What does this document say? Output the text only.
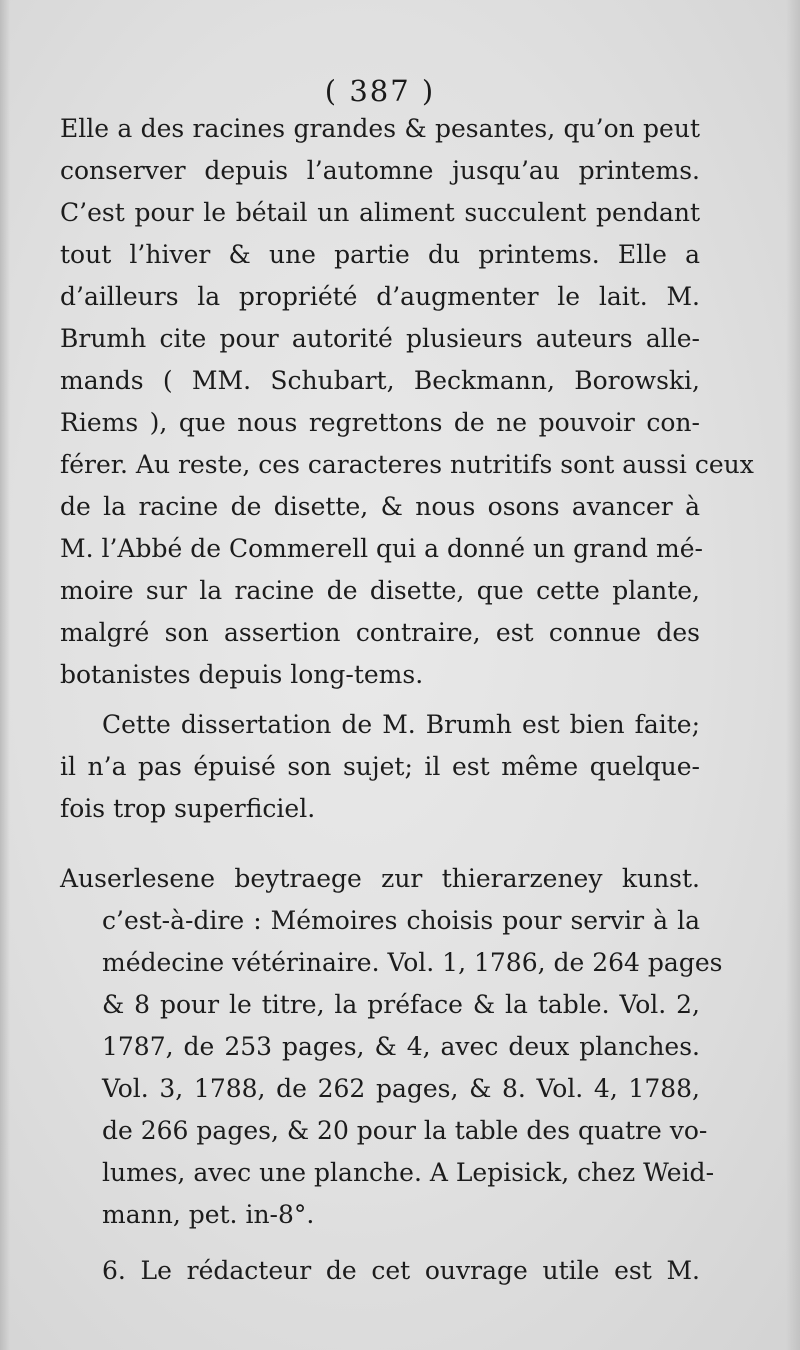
( 387 )
Elle a des racines grandes & pesantes, qu’on peut
conserver depuis l’automne jusqu’au printems.
C’est pour le bétail un aliment succulent pendant
tout l’hiver & une partie du printems. Elle a
d’ailleurs la propriété d’augmenter le lait. M.
Brumh cite pour autorité plusieurs auteurs alle-
mands ( MM. Schubart, Beckmann, Borowski,
Riems ), que nous regrettons de ne pouvoir con-
férer. Au reste, ces caracteres nutritifs sont aussi ceux
de la racine de disette, & nous osons avancer à
M. l’Abbé de Commerell qui a donné un grand mé-
moire sur la racine de disette, que cette plante,
malgré son assertion contraire, est connue des
botanistes depuis long-tems.
Cette dissertation de M. Brumh est bien faite;
il n’a pas épuisé son sujet; il est même quelque-
fois trop superficiel.
Auserlesene beytraege zur thierarzeney kunst.
c’est-à-dire : Mémoires choisis pour servir à la
médecine vétérinaire. Vol. 1, 1786, de 264 pages
& 8 pour le titre, la préface & la table. Vol. 2,
1787, de 253 pages, & 4, avec deux planches.
Vol. 3, 1788, de 262 pages, & 8. Vol. 4, 1788,
de 266 pages, & 20 pour la table des quatre vo-
lumes, avec une planche. A Lepisick, chez Weid-
mann, pet. in-8°.
6. Le rédacteur de cet ouvrage utile est M.
